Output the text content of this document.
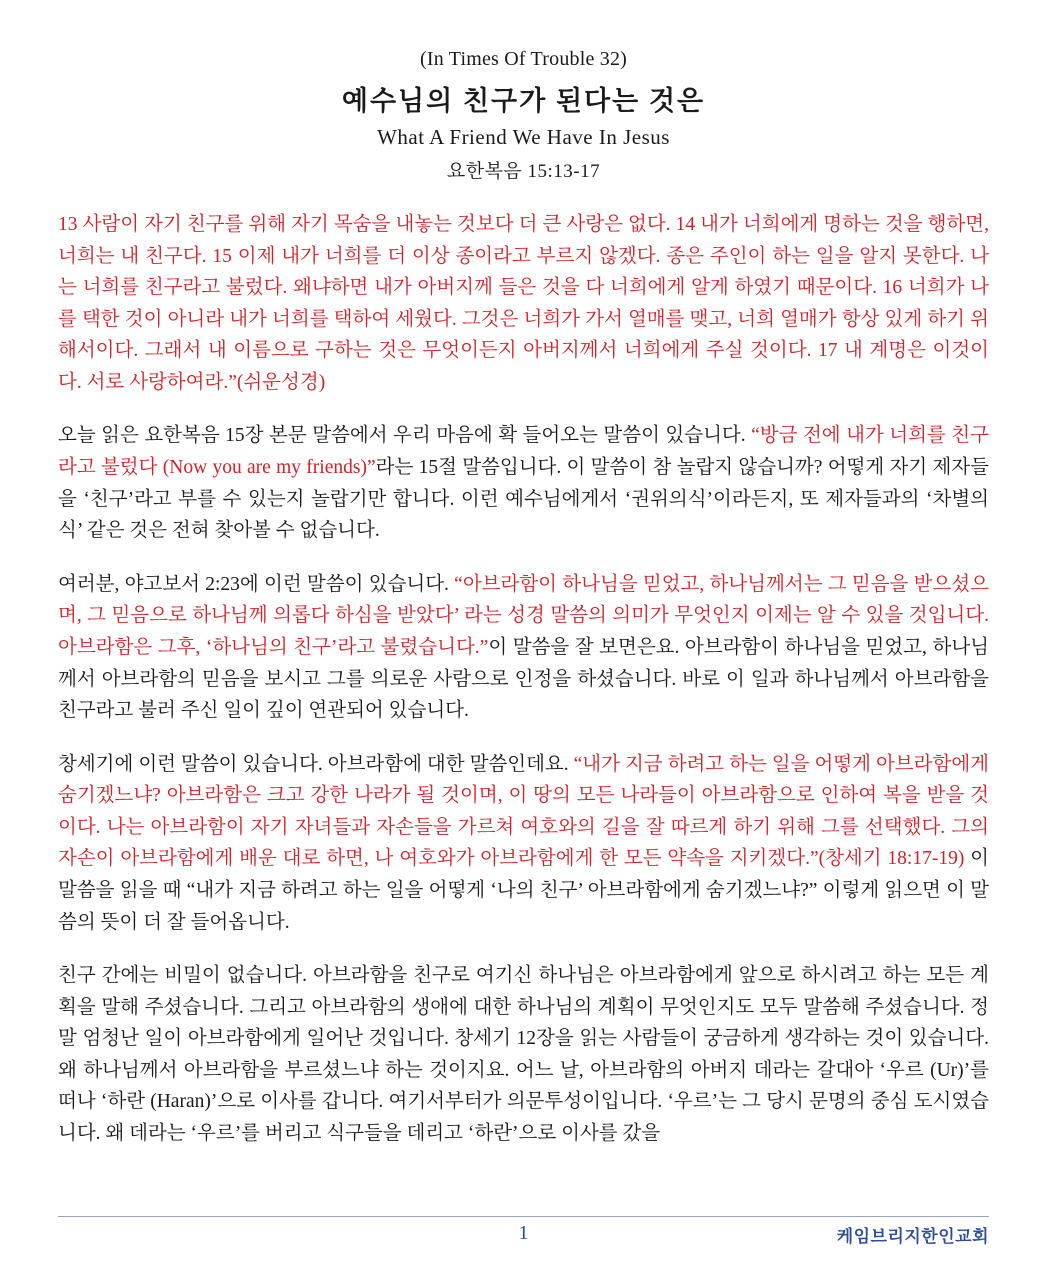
(In Times Of Trouble 32)
예수님의 친구가 된다는 것은
What A Friend We Have In Jesus
요한복음 15:13-17

13 사람이 자기 친구를 위해 자기 목숨을 내놓는 것보다 더 큰 사랑은 없다. 14 내가 너희에게 명하는 것을 행하면, 너희는 내 친구다. 15 이제 내가 너희를 더 이상 종이라고 부르지 않겠다. 종은 주인이 하는 일을 알지 못한다. 나는 너희를 친구라고 불렀다. 왜냐하면 내가 아버지께 들은 것을 다 너희에게 알게 하였기 때문이다. 16 너희가 나를 택한 것이 아니라 내가 너희를 택하여 세웠다. 그것은 너희가 가서 열매를 맺고, 너희 열매가 항상 있게 하기 위해서이다. 그래서 내 이름으로 구하는 것은 무엇이든지 아버지께서 너희에게 주실 것이다. 17 내 계명은 이것이다. 서로 사랑하여라.”(쉬운성경)

오늘 읽은 요한복음 15장 본문 말씀에서 우리 마음에 확 들어오는 말씀이 있습니다. “방금 전에 내가 너희를 친구라고 불렀다 (Now you are my friends)”라는 15절 말씀입니다. 이 말씀이 참 놀랍지 않습니까? 어떻게 자기 제자들을 ‘친구’라고 부를 수 있는지 놀랍기만 합니다. 이런 예수님에게서 ‘권위의식’이라든지, 또 제자들과의 ‘차별의식’ 같은 것은 전혀 찾아볼 수 없습니다.

여러분, 야고보서 2:23에 이런 말씀이 있습니다. “아브라함이 하나님을 믿었고, 하나님께서는 그 믿음을 받으셨으며, 그 믿음으로 하나님께 의롭다 하심을 받았다’ 라는 성경 말씀의 의미가 무엇인지 이제는 알 수 있을 것입니다. 아브라함은 그후, ‘하나님의 친구’라고 불렸습니다.”이 말씀을 잘 보면은요. 아브라함이 하나님을 믿었고, 하나님께서 아브라함의 믿음을 보시고 그를 의로운 사람으로 인정을 하셨습니다. 바로 이 일과 하나님께서 아브라함을 친구라고 불러 주신 일이 깊이 연관되어 있습니다.

창세기에 이런 말씀이 있습니다. 아브라함에 대한 말씀인데요. “내가 지금 하려고 하는 일을 어떻게 아브라함에게 숨기겠느냐? 아브라함은 크고 강한 나라가 될 것이며, 이 땅의 모든 나라들이 아브라함으로 인하여 복을 받을 것이다. 나는 아브라함이 자기 자녀들과 자손들을 가르쳐 여호와의 길을 잘 따르게 하기 위해 그를 선택했다. 그의 자손이 아브라함에게 배운 대로 하면, 나 여호와가 아브라함에게 한 모든 약속을 지키겠다.”(창세기 18:17-19) 이 말씀을 읽을 때 “내가 지금 하려고 하는 일을 어떻게 ‘나의 친구’ 아브라함에게 숨기겠느냐?” 이렇게 읽으면 이 말씀의 뜻이 더 잘 들어옵니다.

친구 간에는 비밀이 없습니다. 아브라함을 친구로 여기신 하나님은 아브라함에게 앞으로 하시려고 하는 모든 계획을 말해 주셨습니다. 그리고 아브라함의 생애에 대한 하나님의 계획이 무엇인지도 모두 말씀해 주셨습니다. 정말 엄청난 일이 아브라함에게 일어난 것입니다. 창세기 12장을 읽는 사람들이 궁금하게 생각하는 것이 있습니다. 왜 하나님께서 아브라함을 부르셨느냐 하는 것이지요. 어느 날, 아브라함의 아버지 데라는 갈대아 ‘우르 (Ur)’를 떠나 ‘하란 (Haran)’으로 이사를 갑니다. 여기서부터가 의문투성이입니다. ‘우르’는 그 당시 문명의 중심 도시였습니다. 왜 데라는 ‘우르’를 버리고 식구들을 데리고 ‘하란’으로 이사를 갔을

1	케임브리지한인교회
